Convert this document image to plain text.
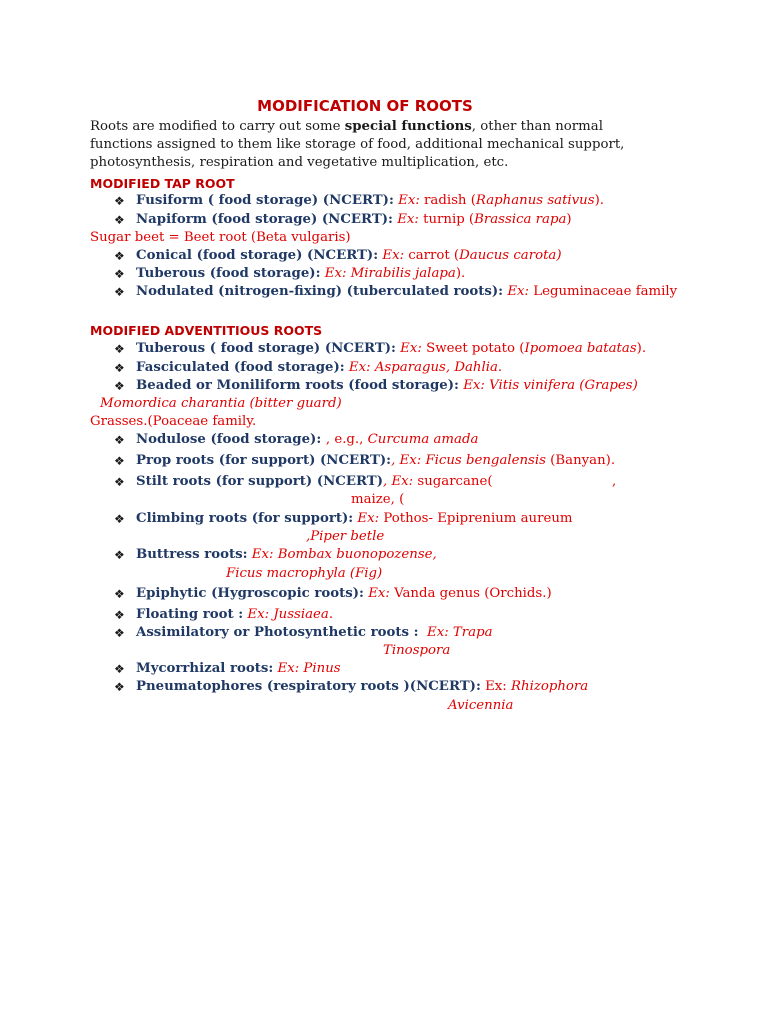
MODIFICATION OF ROOTS
Roots are modified to carry out some special functions, other than normal functions assigned to them like storage of food, additional mechanical support, photosynthesis, respiration and vegetative multiplication, etc.
MODIFIED TAP ROOT
❖ Fusiform ( food storage) (NCERT): Ex: radish (Raphanus sativus).
❖ Napiform (food storage) (NCERT): Ex: turnip (Brassica rapa)
Sugar beet = Beet root (Beta vulgaris)
❖ Conical (food storage) (NCERT): Ex: carrot (Daucus carota)
❖ Tuberous (food storage): Ex: Mirabilis jalapa).
❖ Nodulated (nitrogen-fixing) (tuberculated roots): Ex: Leguminaceae family
MODIFIED ADVENTITIOUS ROOTS
❖ Tuberous ( food storage) (NCERT): Ex: Sweet potato (Ipomoea batatas).
❖ Fasciculated (food storage): Ex: Asparagus, Dahlia.
❖ Beaded or Moniliform roots (food storage): Ex: Vitis vinifera (Grapes)
Momordica charantia (bitter guard)
Grasses.(Poaceae family.
❖ Nodulose (food storage): , e.g., Curcuma amada
❖ Prop roots (for support) (NCERT):, Ex: Ficus bengalensis (Banyan).
❖ Stilt roots (for support) (NCERT), Ex: sugarcane(	,
maize, (
❖ Climbing roots (for support): Ex: Pothos- Epiprenium aureum
,Piper betle
❖ Buttress roots: Ex: Bombax buonopozense,
Ficus macrophyla (Fig)
❖ Epiphytic (Hygroscopic roots): Ex: Vanda genus (Orchids.)
❖ Floating root : Ex: Jussiaea.
❖ Assimilatory or Photosynthetic roots : Ex: Trapa
Tinospora
❖ Mycorrhizal roots: Ex: Pinus
❖ Pneumatophores (respiratory roots )(NCERT): Ex: Rhizophora
Avicennia
